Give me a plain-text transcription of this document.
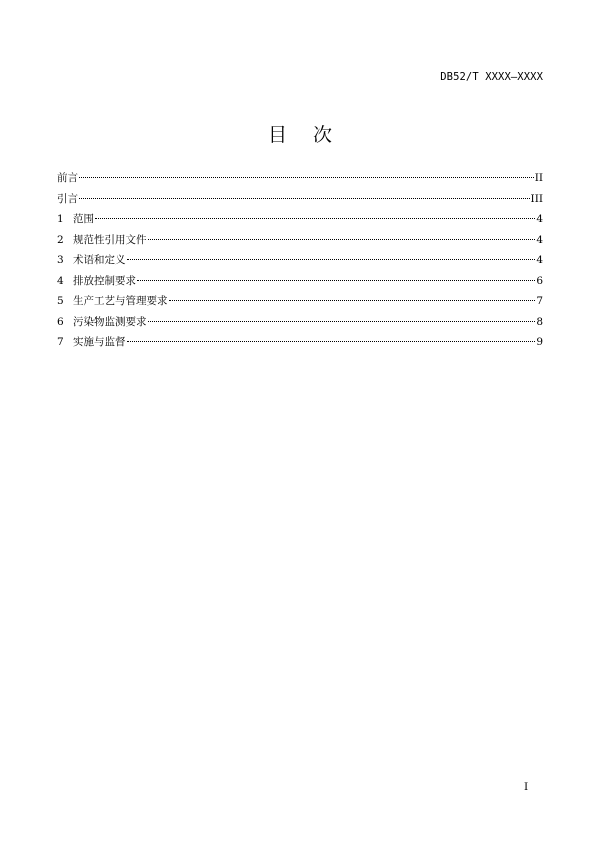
DB52/T XXXX—XXXX
目次
前言	II
引言	III
1 范围	4
2 规范性引用文件	4
3 术语和定义	4
4 排放控制要求	6
5 生产工艺与管理要求	7
6 污染物监测要求	8
7 实施与监督	9
I
